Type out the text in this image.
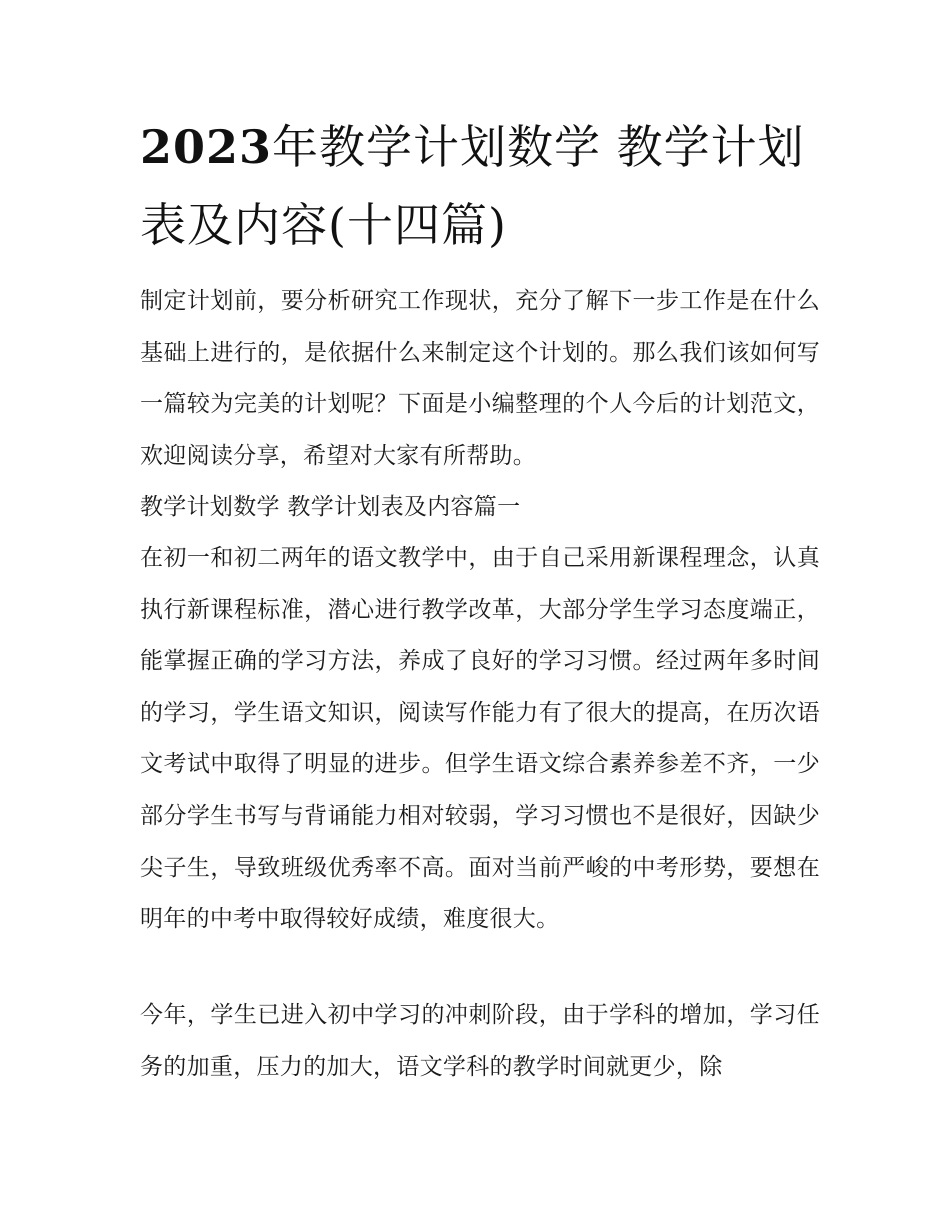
2023年教学计划数学 教学计划表及内容(十四篇)

制定计划前，要分析研究工作现状，充分了解下一步工作是在什么基础上进行的，是依据什么来制定这个计划的。那么我们该如何写一篇较为完美的计划呢？下面是小编整理的个人今后的计划范文，欢迎阅读分享，希望对大家有所帮助。

教学计划数学 教学计划表及内容篇一

在初一和初二两年的语文教学中，由于自己采用新课程理念，认真执行新课程标准，潜心进行教学改革，大部分学生学习态度端正，能掌握正确的学习方法，养成了良好的学习习惯。经过两年多时间的学习，学生语文知识，阅读写作能力有了很大的提高，在历次语文考试中取得了明显的进步。但学生语文综合素养参差不齐，一少部分学生书写与背诵能力相对较弱，学习习惯也不是很好，因缺少尖子生，导致班级优秀率不高。面对当前严峻的中考形势，要想在明年的中考中取得较好成绩，难度很大。

今年，学生已进入初中学习的冲刺阶段，由于学科的增加，学习任务的加重，压力的加大，语文学科的教学时间就更少，除
